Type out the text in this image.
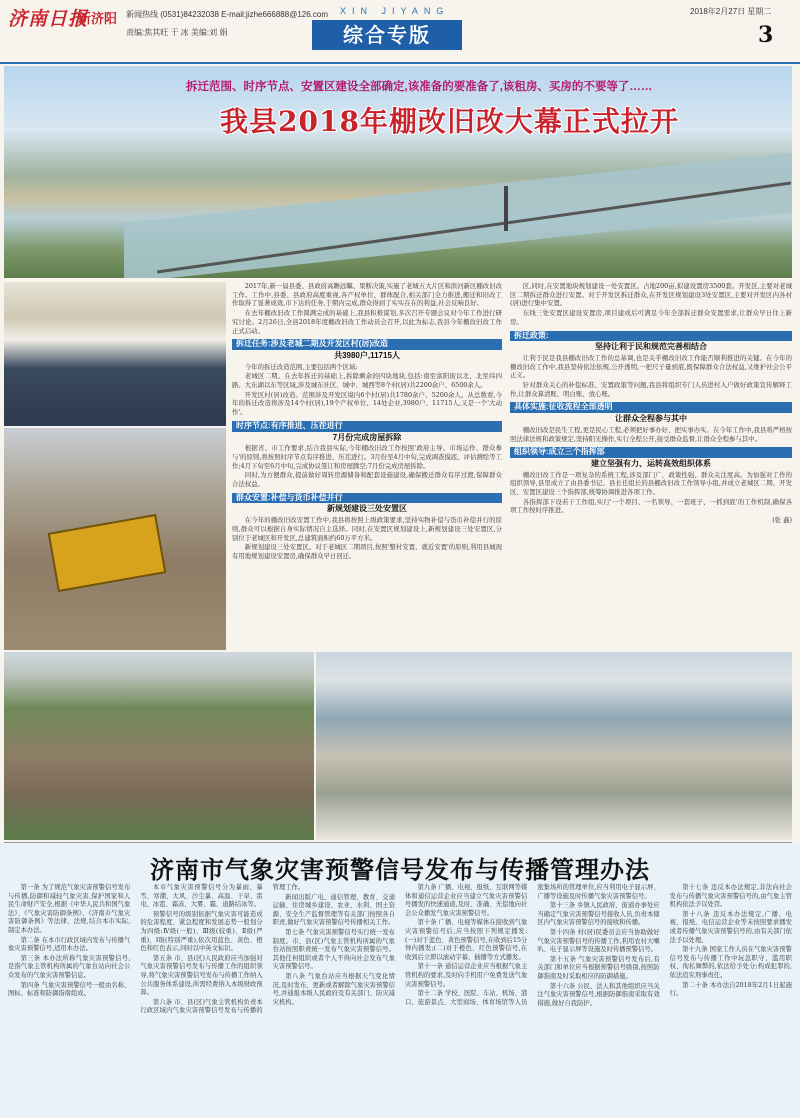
济南日报
新济阳 新闻热线 (0531)84232038 E-mail:jizhe666888@126.com
责编:焦其旺 于 冰 美编:刘 娟
XIN JIYANG
综合专版
2018年2月27日 星期二
3
拆迁范围、时序节点、安置区建设全部确定,该准备的要准备了,该租房、买房的不要等了……
我县2018年棚改旧改大幕正式拉开
2017年,新一届县委、县政府高瞻远瞩、果断决策,实施了老城五大片区和滨河新区棚改旧改工作。工作中,县委、县政府高度重视,各产权单位、群体配合,相关部门全力推进,搬迁和旧改工作取得了显著成效,市下达的任务,于期内完成,群众得到了实实在在的利益,社会反响良好。
在去年棚改旧改工作圆满完成的基础上,我县积极谋划,多次召开专题会议对今年工作进行研究讨论。2月26日,全县2018年度棚改旧改工作动员会召开,以此为标志,我县今年棚改旧改工作正式启动。
拆迁任务:涉及老城二期及开发区村(居)改造
共3980户,11715人
今年的拆迁改造范围,主要包括两个区域:
老城区二期。在去年拆迁的基础上,拆除剩余的四块地块,包括:南至富阳街以北、北至纬四路、大东湖以东等区域,涉及城东社区、城中、城西等8个村(居)共2200余户、6500余人。
开发区村(居)改造。范围涉及开发区境内6个村(居)共1780余户、5200余人。从总数看,今年的拆迁改造将涉及14个村(居),19个产权单位、14处企业,3980户、11715人,又是一个'大动作'。
时序节点:有序推进、压茬进行
7月份完成房屋拆除
根据省、市工作要求,结合我县实际,今年棚改旧改工作按照'政府主导、市场运作、群众参与'的原则,将按照时序节点有序推进、压茬进行。3月份至4月中旬,完成调查摸底、评估测绘等工作;4月下旬至6月中旬,完成协议签订和房屋腾空;7月份完成房屋拆除。
同时,为方便群众,提前做好周转房源储备和配套设施建设,确保搬迁群众有序过渡,保障群众合法权益。
群众安置:补偿与货币补偿并行
新规划建设三处安置区
在今年的棚改旧改安置工作中,我县将按照上级政策要求,坚持实物补偿与货币补偿并行的原则,群众可以根据自身实际情况自主选择。同时,在安置区规划建设上,新规划建设三处安置区,分别位于老城区和开发区,总建筑面积约60万平方米。
新规划建设三处安置区。对于老城区二期项目,按照'整村安置、就近安置'的原则,利用县城现有用地规划建设安置房,确保群众早日回迁。
区,同时,在安置地块规划建设一处安置区。占地200亩,拟建设置房3500套。开发区,主要对老城区二期拆迁群众进行安置。对于开发区拆迁群众,在开发区规划建设3处安置区,主要对开发区内各村(居)进行集中安置。
东线三处安置区建设安置房,项目建成后可满足今年全部拆迁群众安置需求,让群众早日住上新房。
拆迁政策:
坚持让利于民和规范完善相结合
让利于民是我县棚改旧改工作的总基调,也是关乎棚改旧改工作能否顺利推进的关键。在今年的棚改旧改工作中,我县坚持依法依规,公开透明,一把尺子量到底,既保障群众合法权益,又维护社会公平正义。
针对群众关心的补偿标准、安置政策等问题,我县将组织专门人员进村入户做好政策宣传解释工作,让群众算清账、明白账、放心账。
具体实施:征收流程全部透明
让群众全程参与其中
棚改旧改是民生工程,更是民心工程,必须把好事办好、把实事办实。在今年工作中,我县将严格按照法律法规和政策规定,坚持阳光操作,实行全程公开,接受群众监督,让群众全程参与其中。
组织领导:成立三个指挥部
建立坚强有力、运转高效组织体系
棚改旧改工作是一项复杂的系统工程,涉及部门广、政策性强、群众关注度高。为加强对工作的组织领导,县里成立了由县委书记、县长任组长的县棚改旧改工作领导小组,并成立老城区二期、开发区、安置区建设三个指挥部,统筹协调推进各项工作。
各指挥部下设若干工作组,实行'一个项目、一名领导、一套班子、一抓到底'的工作机制,确保各项工作按时序推进。
(张 鑫)
济南市气象灾害预警信号发布与传播管理办法
第一条 为了规范气象灾害预警信号发布与传播,防御和减轻气象灾害,保护国家和人民生命财产安全,根据《中华人民共和国气象法》、《气象灾害防御条例》、《济南市气象灾害防御条例》等法律、法规,结合本市实际,制定本办法。
第二条 在本市行政区域内发布与传播气象灾害预警信号,适用本办法。
第三条 本办法所称气象灾害预警信号,是指气象主管机构所属的气象台站向社会公众发布的气象灾害预警信息。
第四条 气象灾害预警信号一般由名称、图标、标准和防御指南组成。
本市气象灾害预警信号分为暴雨、暴雪、寒潮、大风、沙尘暴、高温、干旱、雷电、冰雹、霜冻、大雾、霾、道路结冰等。
预警信号的级别依据气象灾害可能造成的危害程度、紧急程度和发展态势一般划分为四级:Ⅳ级(一般)、Ⅲ级(较重)、Ⅱ级(严重)、Ⅰ级(特别严重),依次用蓝色、黄色、橙色和红色表示,同时以中英文标识。
第五条 市、县(区)人民政府应当加强对气象灾害预警信号发布与传播工作的组织领导,将气象灾害预警信号发布与传播工作纳入公共服务体系建设,所需经费纳入本级财政预算。
第六条 市、县(区)气象主管机构负责本行政区域内气象灾害预警信号发布与传播的管理工作。
新闻出版广电、通信管理、教育、交通运输、住房城乡建设、农业、水利、国土资源、安全生产监督管理等有关部门按照各自职责,做好气象灾害预警信号传播相关工作。
第七条 气象灾害预警信号实行统一发布制度。市、县(区)气象主管机构所属的气象台站按照职责统一发布气象灾害预警信号。其他任何组织或者个人不得向社会发布气象灾害预警信号。
第八条 气象台站应当根据天气变化情况,及时发布、更新或者解除气象灾害预警信号,并通报本级人民政府及有关部门、防灾减灾机构。
第九条 广播、电视、报纸、互联网等媒体和通信运营企业应当建立气象灾害预警信号播发的快速通道,及时、准确、无偿地向社会公众播发气象灾害预警信号。
第十条 广播、电视等媒体在接收到气象灾害预警信号后,应当按照下列规定播发:(一)对于蓝色、黄色预警信号,在收到后15分钟内播发;(二)对于橙色、红色预警信号,在收到后立即以滚动字幕、插播等方式播发。
第十一条 通信运营企业应当根据气象主管机构的要求,及时向手机用户免费发送气象灾害预警信号。
第十二条 学校、医院、车站、机场、港口、旅游景点、大型商场、体育场馆等人员密集场所的管理单位,应当利用电子显示屏、广播等设施及时传播气象灾害预警信号。
第十三条 乡镇人民政府、街道办事处应当确定气象灾害预警信号接收人员,负责本辖区内气象灾害预警信号的接收和传播。
第十四条 村(居)民委员会应当协助做好气象灾害预警信号的传播工作,利用农村大喇叭、电子显示屏等设施及时传播预警信号。
第十五条 气象灾害预警信号发布后,有关部门和单位应当根据预警信号级别,按照防御指南及时采取相应的防御措施。
第十六条 公民、法人和其他组织应当关注气象灾害预警信号,根据防御指南采取有效措施,做好自我防护。
第十七条 违反本办法规定,非法向社会发布与传播气象灾害预警信号的,由气象主管机构依法予以处罚。
第十八条 违反本办法规定,广播、电视、报纸、电信运营企业等未按照要求播发或者传播气象灾害预警信号的,由有关部门依法予以处理。
第十九条 国家工作人员在气象灾害预警信号发布与传播工作中玩忽职守、滥用职权、徇私舞弊的,依法给予处分;构成犯罪的,依法追究刑事责任。
第二十条 本办法自2018年2月1日起施行。
